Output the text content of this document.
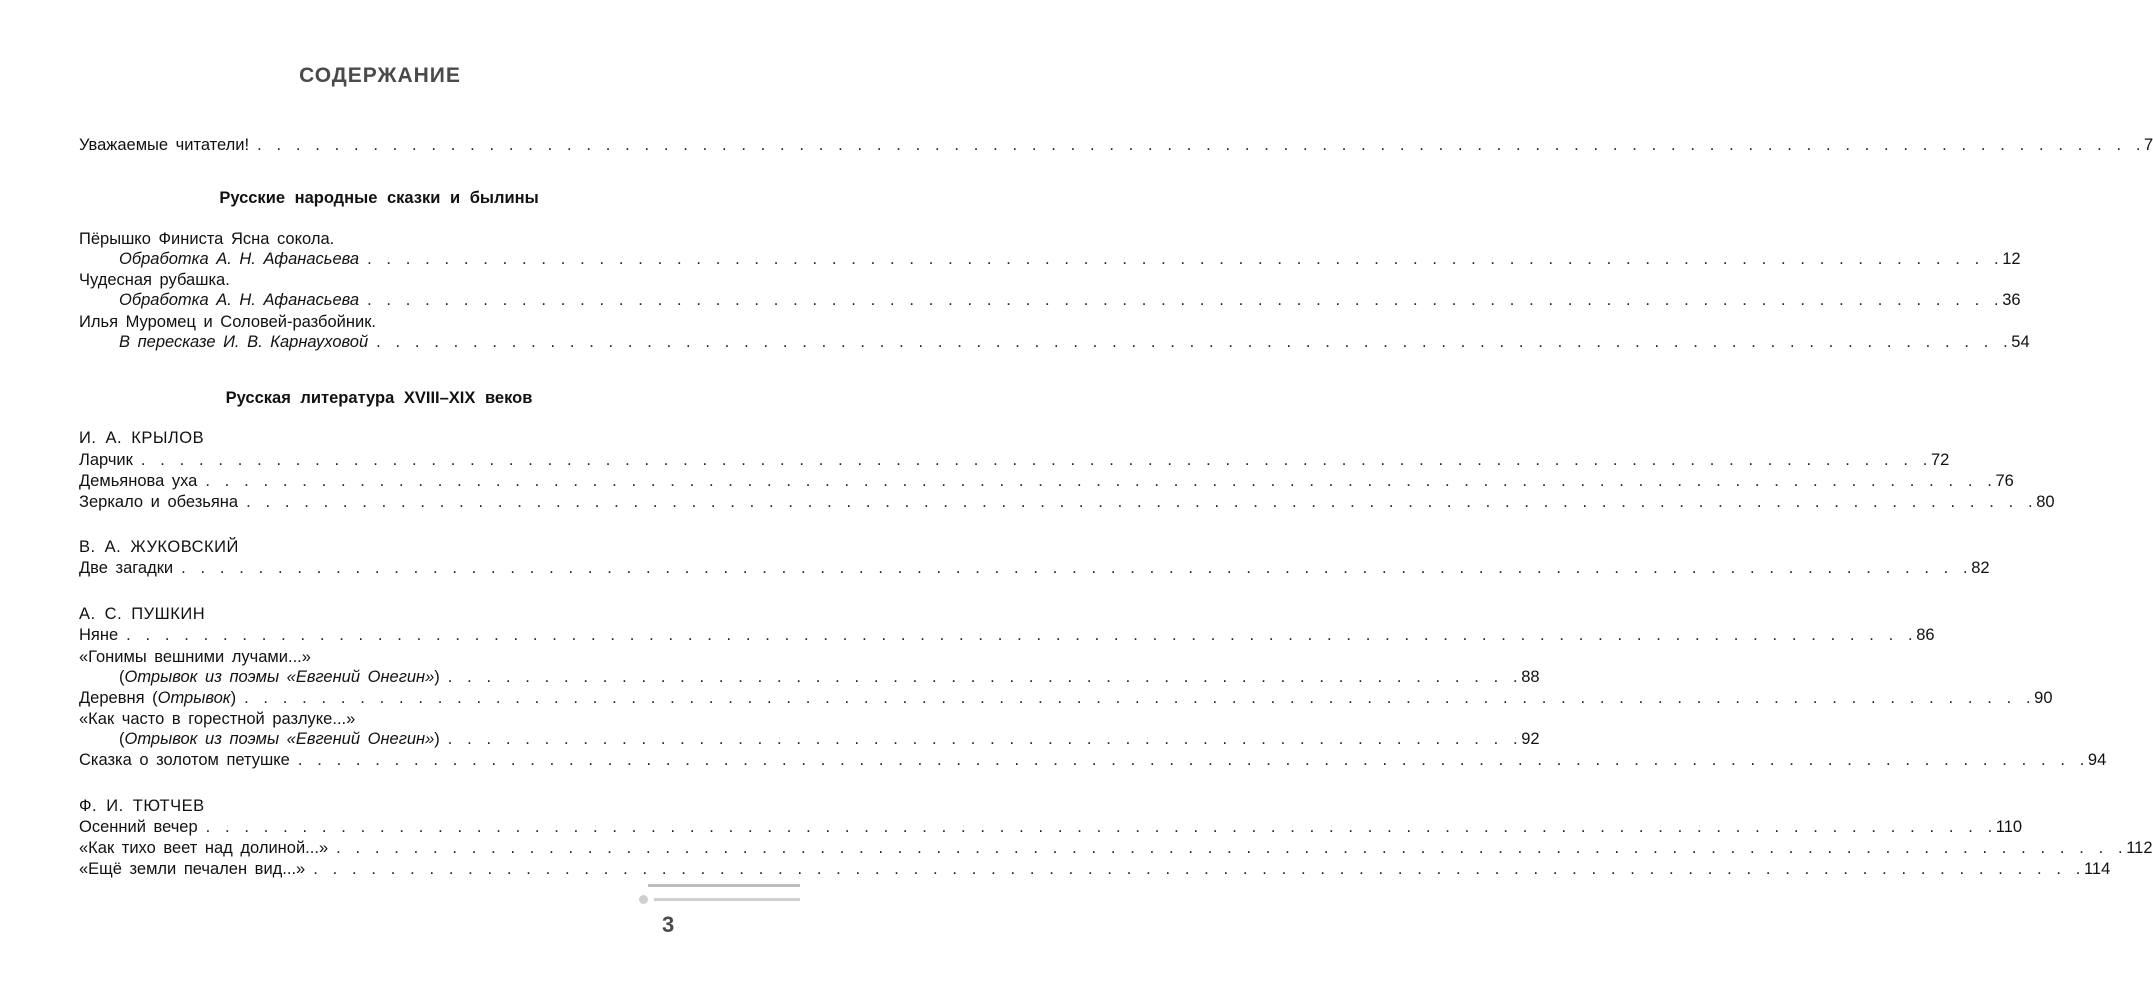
СОДЕРЖАНИЕ
Уважаемые читатели! . . . . . . . . . . . . . . . . . . . . . . . . . . . . . . . . . . . . . . . . . . . . . . . . . . . . . . . . . . . . . . . . . . . . . . . . . . . . . . . . . . . . . . . . . . . . . . . . . . 7
Русские народные сказки и былины
Пёрышко Финиста Ясна сокола.
Обработка А. Н. Афанасьева . . . . . . . . . . . . . . . . . . . . . . . . . . . . . . . . . . . . . . . . . . . . . . . . . . . . . . . . . . . . . . . . . . . . . . . . . . . . . . . . . . . . . 12
Чудесная рубашка.
Обработка А. Н. Афанасьева . . . . . . . . . . . . . . . . . . . . . . . . . . . . . . . . . . . . . . . . . . . . . . . . . . . . . . . . . . . . . . . . . . . . . . . . . . . . . . . . . . . . . 36
Илья Муромец и Соловей-разбойник.
В пересказе И. В. Карнауховой . . . . . . . . . . . . . . . . . . . . . . . . . . . . . . . . . . . . . . . . . . . . . . . . . . . . . . . . . . . . . . . . . . . . . . . . . . . . . . . . . . . . . 54
Русская литература XVIII–XIX веков
И. А. КРЫЛОВ
Ларчик . . . . . . . . . . . . . . . . . . . . . . . . . . . . . . . . . . . . . . . . . . . . . . . . . . . . . . . . . . . . . . . . . . . . . . . . . . . . . . . . . . . . . . . . . . . . . 72
Демьянова уха . . . . . . . . . . . . . . . . . . . . . . . . . . . . . . . . . . . . . . . . . . . . . . . . . . . . . . . . . . . . . . . . . . . . . . . . . . . . . . . . . . . . . . . . . . . . . 76
Зеркало и обезьяна . . . . . . . . . . . . . . . . . . . . . . . . . . . . . . . . . . . . . . . . . . . . . . . . . . . . . . . . . . . . . . . . . . . . . . . . . . . . . . . . . . . . . . . . . . . . . 80
В. А. ЖУКОВСКИЙ
Две загадки . . . . . . . . . . . . . . . . . . . . . . . . . . . . . . . . . . . . . . . . . . . . . . . . . . . . . . . . . . . . . . . . . . . . . . . . . . . . . . . . . . . . . . . . . . . . . 82
А. С. ПУШКИН
Няне . . . . . . . . . . . . . . . . . . . . . . . . . . . . . . . . . . . . . . . . . . . . . . . . . . . . . . . . . . . . . . . . . . . . . . . . . . . . . . . . . . . . . . . . . . . . . 86
«Гонимы вешними лучами...»
(Отрывок из поэмы «Евгений Онегин») . . . . . . . . . . . . . . . . . . . . . . . . . . . . . . . . . . . . . . . . . . . . . . . . . . . . . . . . 88
Деревня (Отрывок) . . . . . . . . . . . . . . . . . . . . . . . . . . . . . . . . . . . . . . . . . . . . . . . . . . . . . . . . . . . . . . . . . . . . . . . . . . . . . . . . . . . . . . . . . . . . . 90
«Как часто в горестной разлуке...»
(Отрывок из поэмы «Евгений Онегин») . . . . . . . . . . . . . . . . . . . . . . . . . . . . . . . . . . . . . . . . . . . . . . . . . . . . . . . . 92
Сказка о золотом петушке . . . . . . . . . . . . . . . . . . . . . . . . . . . . . . . . . . . . . . . . . . . . . . . . . . . . . . . . . . . . . . . . . . . . . . . . . . . . . . . . . . . . . . . . . . . . . 94
Ф. И. ТЮТЧЕВ
Осенний вечер . . . . . . . . . . . . . . . . . . . . . . . . . . . . . . . . . . . . . . . . . . . . . . . . . . . . . . . . . . . . . . . . . . . . . . . . . . . . . . . . . . . . . . . . . . . . . 110
«Как тихо веет над долиной...» . . . . . . . . . . . . . . . . . . . . . . . . . . . . . . . . . . . . . . . . . . . . . . . . . . . . . . . . . . . . . . . . . . . . . . . . . . . . . . . . . . . . . . . . . . . . . 112
«Ещё земли печален вид...» . . . . . . . . . . . . . . . . . . . . . . . . . . . . . . . . . . . . . . . . . . . . . . . . . . . . . . . . . . . . . . . . . . . . . . . . . . . . . . . . . . . . . . . . . . . . 114
3
